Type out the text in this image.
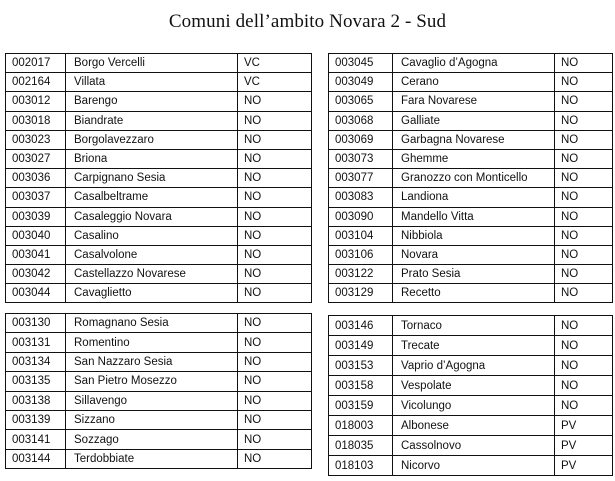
Comuni dell’ambito Novara 2 - Sud
002017	Borgo Vercelli	VC
002164	Villata	VC
003012	Barengo	NO
003018	Biandrate	NO
003023	Borgolavezzaro	NO
003027	Briona	NO
003036	Carpignano Sesia	NO
003037	Casalbeltrame	NO
003039	Casaleggio Novara	NO
003040	Casalino	NO
003041	Casalvolone	NO
003042	Castellazzo Novarese	NO
003044	Cavaglietto	NO
003045	Cavaglio d’Agogna	NO
003049	Cerano	NO
003065	Fara Novarese	NO
003068	Galliate	NO
003069	Garbagna Novarese	NO
003073	Ghemme	NO
003077	Granozzo con Monticello	NO
003083	Landiona	NO
003090	Mandello Vitta	NO
003104	Nibbiola	NO
003106	Novara	NO
003122	Prato Sesia	NO
003129	Recetto	NO
003130	Romagnano Sesia	NO
003131	Romentino	NO
003134	San Nazzaro Sesia	NO
003135	San Pietro Mosezzo	NO
003138	Sillavengo	NO
003139	Sizzano	NO
003141	Sozzago	NO
003144	Terdobbiate	NO
003146	Tornaco	NO
003149	Trecate	NO
003153	Vaprio d’Agogna	NO
003158	Vespolate	NO
003159	Vicolungo	NO
018003	Albonese	PV
018035	Cassolnovo	PV
018103	Nicorvo	PV
